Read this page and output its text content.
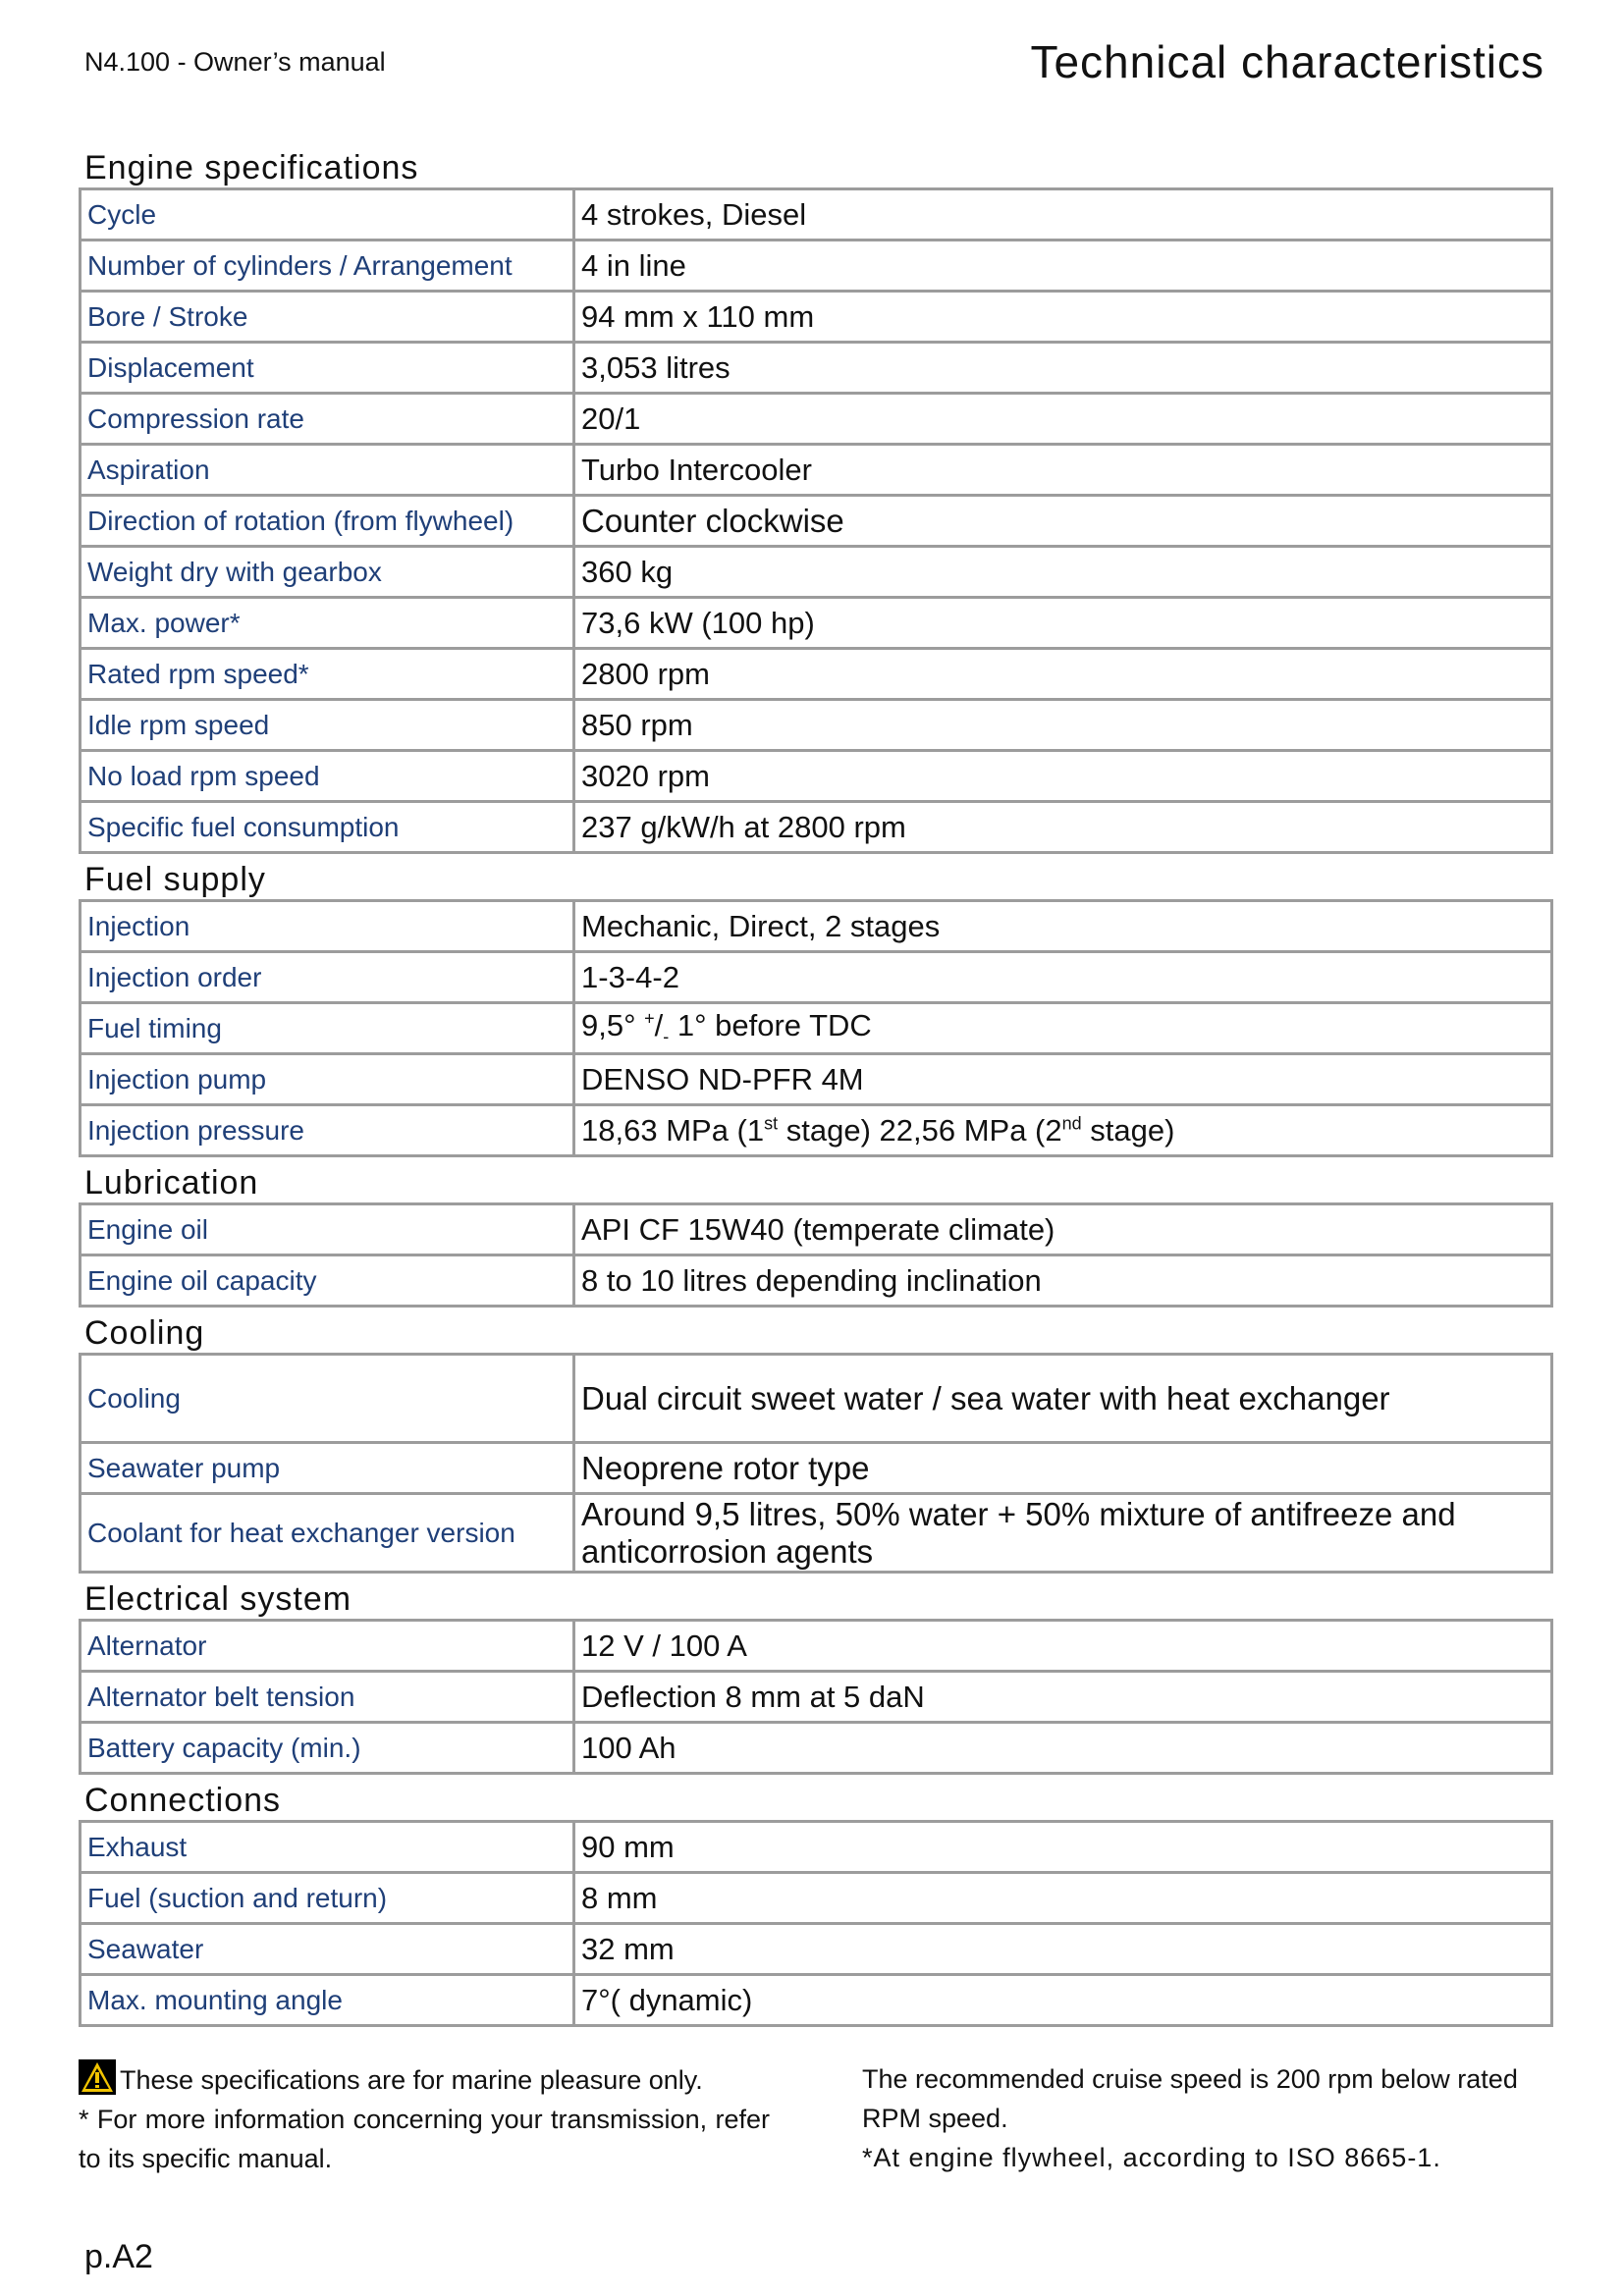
N4.100 - Owner’s manual	Technical characteristics
Engine specifications
Cycle	4 strokes, Diesel
Number of cylinders / Arrangement	4 in line
Bore / Stroke	94 mm x 110 mm
Displacement	3,053 litres
Compression rate	20/1
Aspiration	Turbo Intercooler
Direction of rotation (from flywheel)	Counter clockwise
Weight dry with gearbox	360 kg
Max. power*	73,6 kW (100 hp)
Rated rpm speed*	2800 rpm
Idle rpm speed	850 rpm
No load rpm speed	3020 rpm
Specific fuel consumption	237 g/kW/h at 2800 rpm
Fuel supply
Injection	Mechanic, Direct, 2 stages
Injection order	1-3-4-2
Fuel timing	9,5° $^+/_-$ 1° before TDC
Injection pump	DENSO ND-PFR 4M
Injection pressure	18,63 MPa (1st stage) 22,56 MPa (2nd stage)
Lubrication
Engine oil	API CF 15W40 (temperate climate)
Engine oil capacity	8 to 10 litres depending inclination
Cooling
Cooling	Dual circuit sweet water / sea water with heat exchanger
Seawater pump	Neoprene rotor type
Coolant for heat exchanger version	Around 9,5 litres, 50% water + 50% mixture of antifreeze and
anticorrosion agents
Electrical system
Alternator	12 V / 100 A
Alternator belt tension	Deflection 8 mm at 5 daN
Battery capacity (min.)	100 Ah
Connections
Exhaust	90 mm
Fuel (suction and return)	8 mm
Seawater	32 mm
Max. mounting angle	7°( dynamic)
These specifications are for marine pleasure only.
* For more information concerning your transmission, refer to its specific manual.
The recommended cruise speed is 200 rpm below rated RPM speed.
*At engine flywheel, according to ISO 8665-1.
p.A2
